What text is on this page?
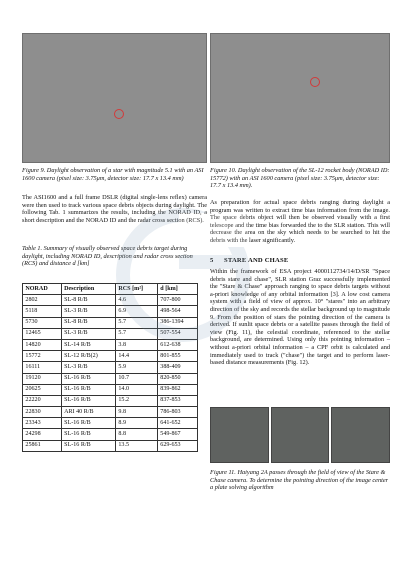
Figure 9. Daylight observation of a star with magnitude 5.1 with an ASI 1600 camera (pixel size: 3.75μm, detector size: 17.7 x 13.4 mm)

The ASI1600 and a full frame DSLR (digital single-lens reflex) camera were then used to track various space debris objects during daylight. The following Tab. 1 summarizes the results, including the NORAD ID, a short description and the NORAD ID and the radar cross section (RCS).

Table 1. Summary of visually observed space debris target during daylight, including NORAD ID, description and radar cross section (RCS) and distance d [km]

NORAD	Description	RCS [m²]	d [km]
2802	SL-8 R/B	4.6	707-800
5118	SL-3 R/B	6.9	498-564
5730	SL-8 R/B	5.7	386-1394
12465	SL-3 R/B	5.7	507-554
14820	SL-14 R/B	3.8	612-638
15772	SL-12 R/B(2)	14.4	801-855
16111	SL-3 R/B	5.9	388-409
19120	SL-16 R/B	10.7	820-850
20625	SL-16 R/B	14.0	839-862
22220	SL-16 R/B	15.2	837-853
22830	ARI 40 R/B	9.8	786-803
23343	SL-16 R/B	8.9	641-652
24298	SL-16 R/B	8.8	549-867
25861	SL-16 R/B	13.5	629-653

Figure 10. Daylight observation of the SL-12 rocket body (NORAD ID: 15772) with an ASI 1600 camera (pixel size: 3.75μm, detector size: 17.7 x 13.4 mm).

As preparation for actual space debris ranging during daylight a program was written to extract time bias information from the image. The space debris object will then be observed visually with a first telescope and the time bias forwarded the to the SLR station. This will decrease the area on the sky which needs to be searched to hit the debris with the laser significantly.

5 STARE AND CHASE

Within the framework of ESA project 4000112734/14/D/SR "Space debris stare and chase", SLR station Graz successfully implemented the "Stare & Chase" approach ranging to space debris targets without a-priori knowledge of any orbital information [3]. A low cost camera system with a field of view of approx. 10° "stares" into an arbitrary direction of the sky and records the stellar background up to magnitude 9. From the position of stars the pointing direction of the camera is derived. If sunlit space debris or a satellite passes through the field of view (Fig. 11), the celestial coordinate, referenced to the stellar background, are determined. Using only this pointing information – without a-priori orbital information – a CPF orbit is calculated and immediately used to track ("chase") the target and to perform laser-based distance measurements (Fig. 12).

Figure 11. Haiyang 2A passes through the field of view of the Stare & Chase camera. To determine the pointing direction of the image center a plate solving algorithm
